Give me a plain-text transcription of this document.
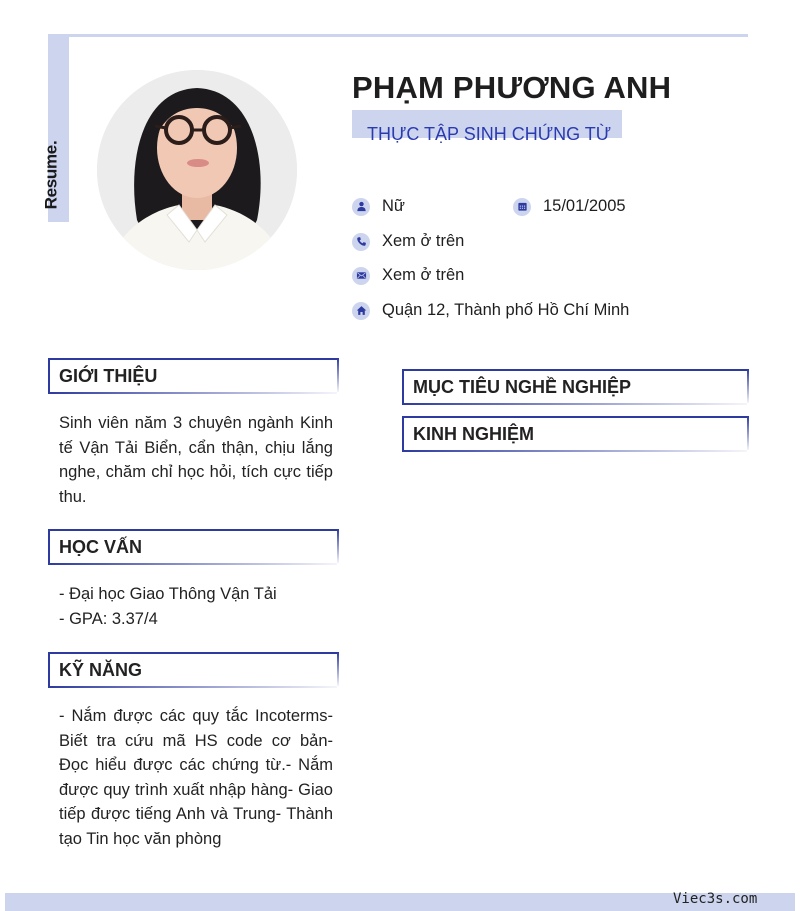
Resume.
PHẠM PHƯƠNG ANH
THỰC TẬP SINH CHỨNG TỪ
Nữ	15/01/2005
Xem ở trên
Xem ở trên
Quận 12, Thành phố Hồ Chí Minh
GIỚI THIỆU

Sinh viên năm 3 chuyên ngành Kinh tế Vận Tải Biển, cẩn thận, chịu lắng nghe, chăm chỉ học hỏi, tích cực tiếp thu.

HỌC VẤN

- Đại học Giao Thông Vận Tải

- GPA: 3.37/4

KỸ NĂNG

- Nắm được các quy tắc Incoterms- Biết tra cứu mã HS code cơ bản- Đọc hiểu được các chứng từ.- Nắm được quy trình xuất nhập hàng- Giao tiếp được tiếng Anh và Trung- Thành tạo Tin học văn phòng

MỤC TIÊU NGHỀ NGHIỆP
KINH NGHIỆM
Viec3s.com
